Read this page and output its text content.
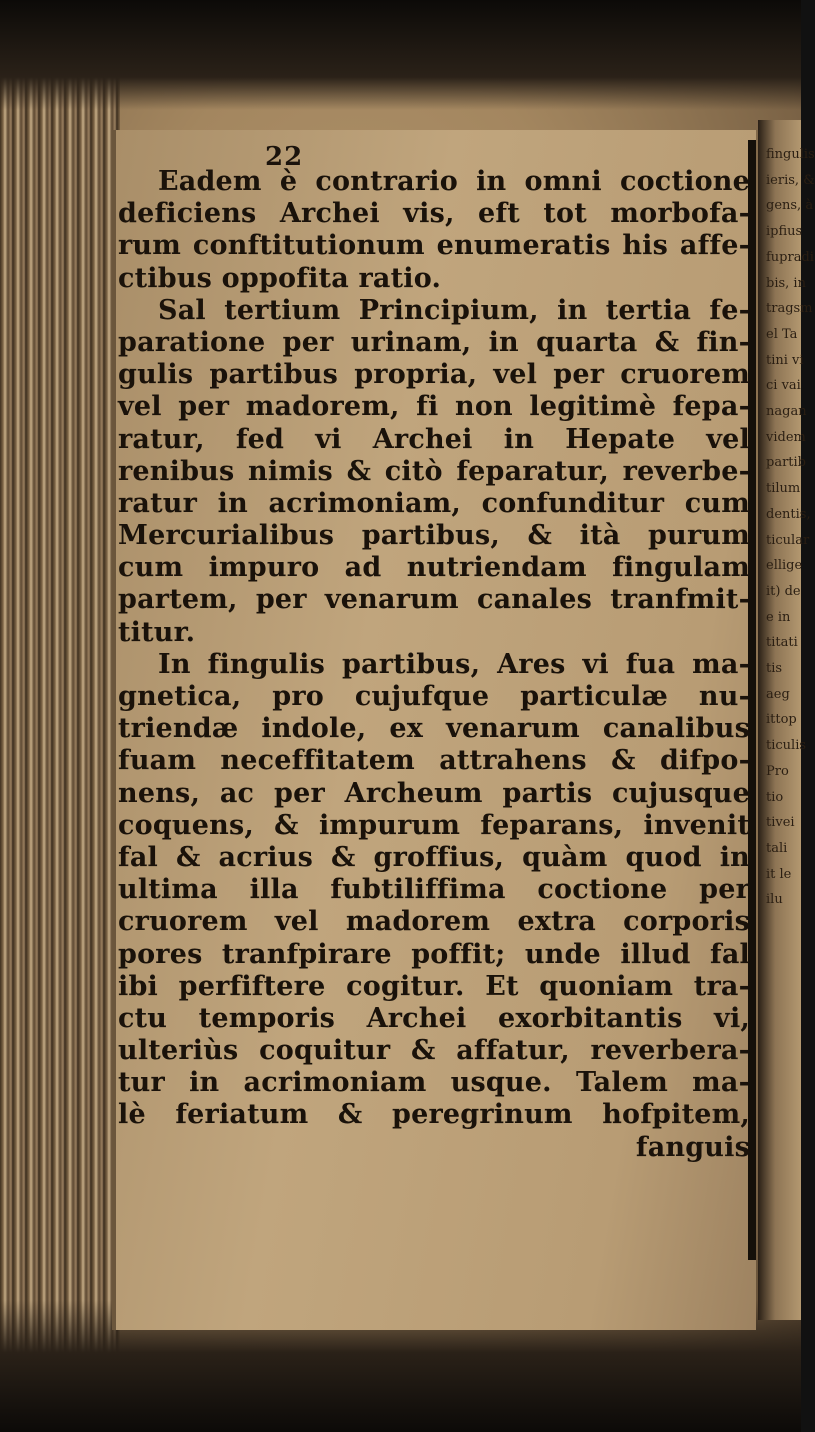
fingulis
ieris, &
gens, à
ipfius
fupradi
bis, in
tragsm
el Ta
tini vi
ci vai
nagan
videm
partib
tilum
dentis,
ticular
ellige
it) de
e in
titati
tis
aeg
ittop
ticulis
Pro
tio
tivei
tali
it le
ilu
22
Eadem è contrario in omni coctione
deficiens Archei vis, eft tot morbofa-
rum conftitutionum enumeratis his affe-
ctibus oppofita ratio.
Sal tertium Principium, in tertia fe-
paratione per urinam, in quarta & fin-
gulis partibus propria, vel per cruorem
vel per madorem, fi non legitimè fepa-
ratur, fed vi Archei in Hepate vel
renibus nimis & citò feparatur, reverbe-
ratur in acrimoniam, confunditur cum
Mercurialibus partibus, & ità purum
cum impuro ad nutriendam fingulam
partem, per venarum canales tranfmit-
titur.
In fingulis partibus, Ares vi fua ma-
gnetica, pro cujufque particulæ nu-
triendæ indole, ex venarum canalibus
fuam neceffitatem attrahens & difpo-
nens, ac per Archeum partis cujusque
coquens, & impurum feparans, invenit
fal & acrius & groffius, quàm quod in
ultima illa fubtiliffima coctione per
cruorem vel madorem extra corporis
pores tranfpirare poffit; unde illud fal
ibi perfiftere cogitur. Et quoniam tra-
ctu temporis Archei exorbitantis vi,
ulteriùs coquitur & affatur, reverbera-
tur in acrimoniam usque. Talem ma-
lè feriatum & peregrinum hofpitem,
fanguis
